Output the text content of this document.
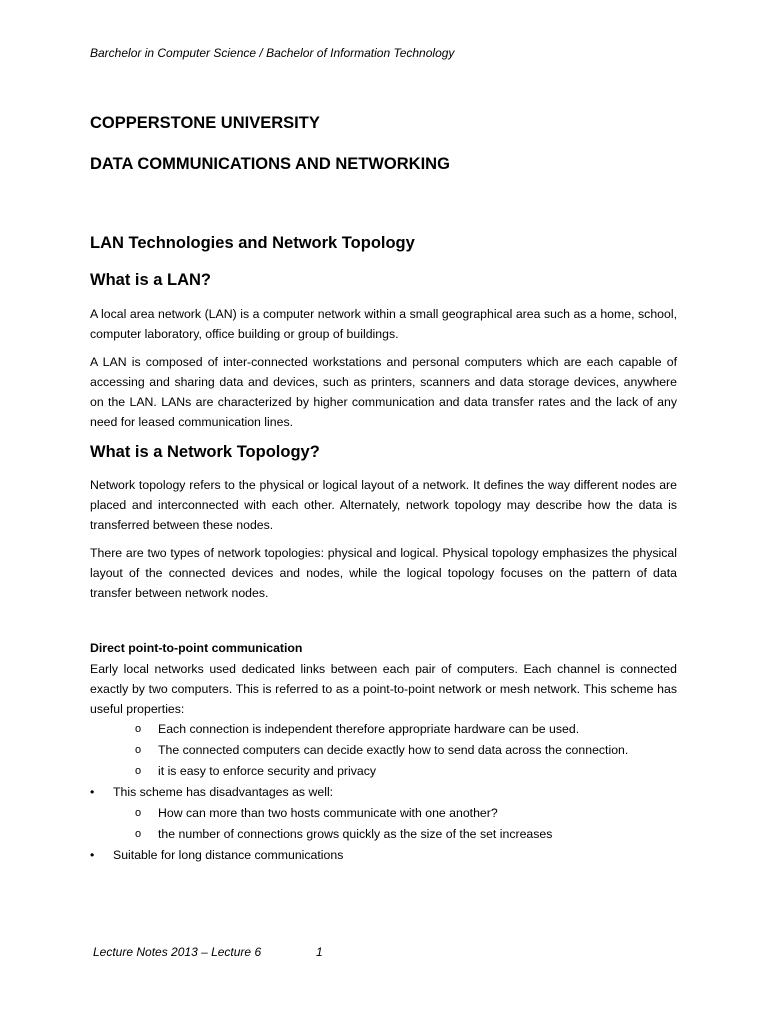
Barchelor in Computer Science / Bachelor of Information Technology
COPPERSTONE UNIVERSITY
DATA COMMUNICATIONS AND NETWORKING
LAN Technologies and Network Topology
What is a LAN?

A local area network (LAN) is a computer network within a small geographical area such as a home, school, computer laboratory, office building or group of buildings.

A LAN is composed of inter-connected workstations and personal computers which are each capable of accessing and sharing data and devices, such as printers, scanners and data storage devices, anywhere on the LAN. LANs are characterized by higher communication and data transfer rates and the lack of any need for leased communication lines.

What is a Network Topology?

Network topology refers to the physical or logical layout of a network. It defines the way different nodes are placed and interconnected with each other. Alternately, network topology may describe how the data is transferred between these nodes.

There are two types of network topologies: physical and logical. Physical topology emphasizes the physical layout of the connected devices and nodes, while the logical topology focuses on the pattern of data transfer between network nodes.

Direct point-to-point communication

Early local networks used dedicated links between each pair of computers. Each channel is connected exactly by two computers. This is referred to as a point-to-point network or mesh network. This scheme has useful properties:

o Each connection is independent therefore appropriate hardware can be used.
o The connected computers can decide exactly how to send data across the connection.
o it is easy to enforce security and privacy
• This scheme has disadvantages as well:
o How can more than two hosts communicate with one another?
o the number of connections grows quickly as the size of the set increases
• Suitable for long distance communications
Lecture Notes 2013 – Lecture 6	1
